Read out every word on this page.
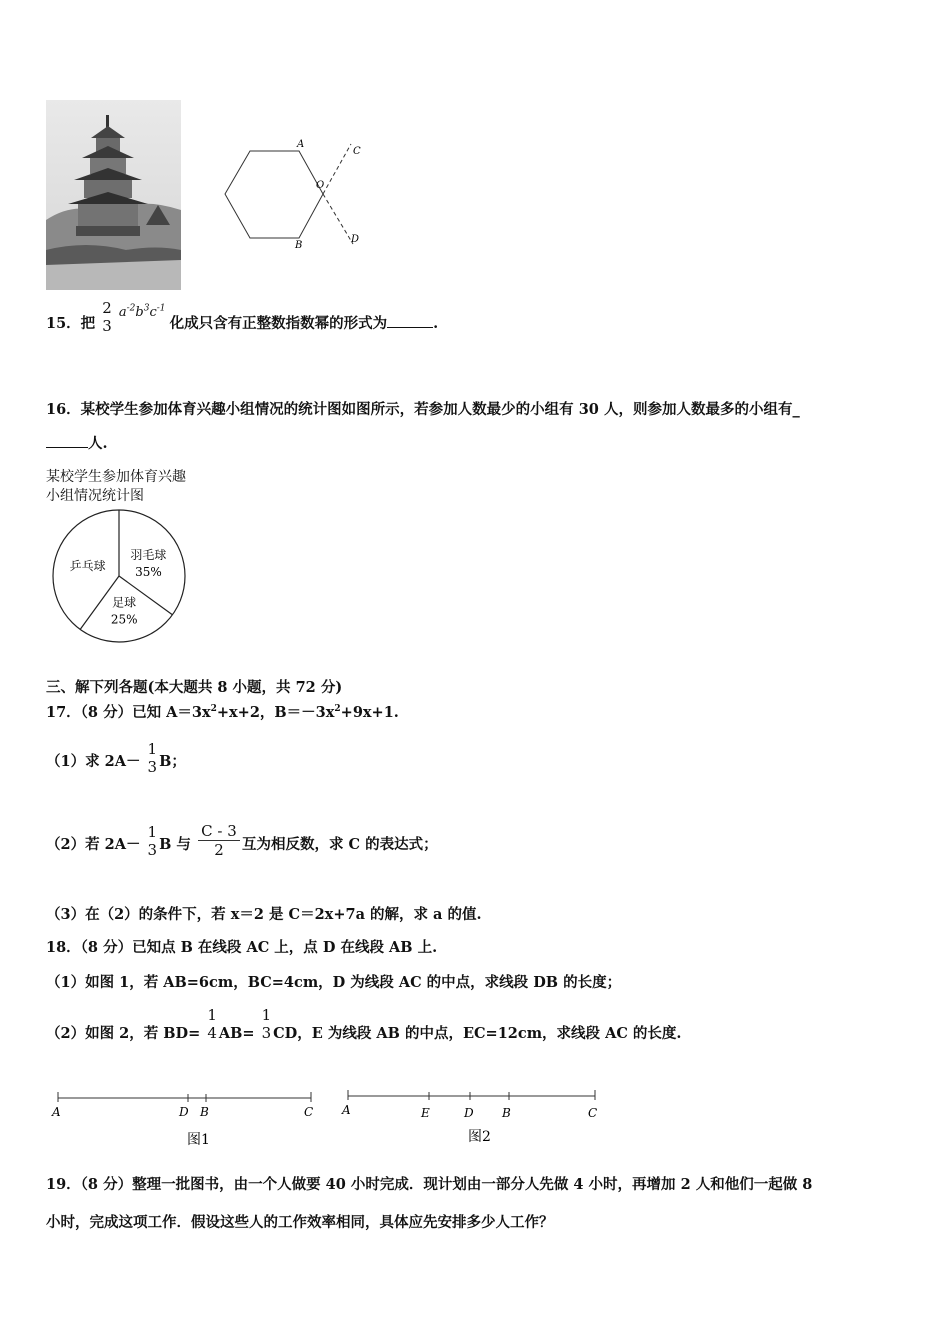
A
B
C
D
O
15．把
2
3
$a^{-2}b^3c^{-1}$ 化成只含有正整数指数幂的形式为	.
16．某校学生参加体育兴趣小组情况的统计图如图所示，若参加人数最少的小组有 30 人，则参加人数最多的小组有_
人.
某校学生参加体育兴趣
小组情况统计图
羽毛球
35%
足球
25%
乒乓球
三、解下列各题(本大题共 8 小题，共 72 分)
17．（8 分）已知 $A=3x^2+x+2$，$B=-3x^2+9x+1$.
（1）求 2A－
1
3 B；
（2）若 2A－
1
3 B 与 $\frac{C - 3}{2}$ 互为相反数，求 C 的表达式；
（3）在（2）的条件下，若 x＝2 是 C＝2x+7a 的解，求 a 的值.
18．（8 分）已知点 B 在线段 AC 上，点 D 在线段 AB 上.
（1）如图 1，若 AB=6cm，BC=4cm，D 为线段 AC 的中点，求线段 DB 的长度；
（2）如图 2，若 BD=
1
4 AB=
1
3 CD，E 为线段 AB 的中点，EC=12cm，求线段 AC 的长度.
A	D B	C
图1
A	E	D B	C
图2
19．（8 分）整理一批图书，由一个人做要 40 小时完成．现计划由一部分人先做 4 小时，再增加 2 人和他们一起做 8
小时，完成这项工作．假设这些人的工作效率相同，具体应先安排多少人工作？
